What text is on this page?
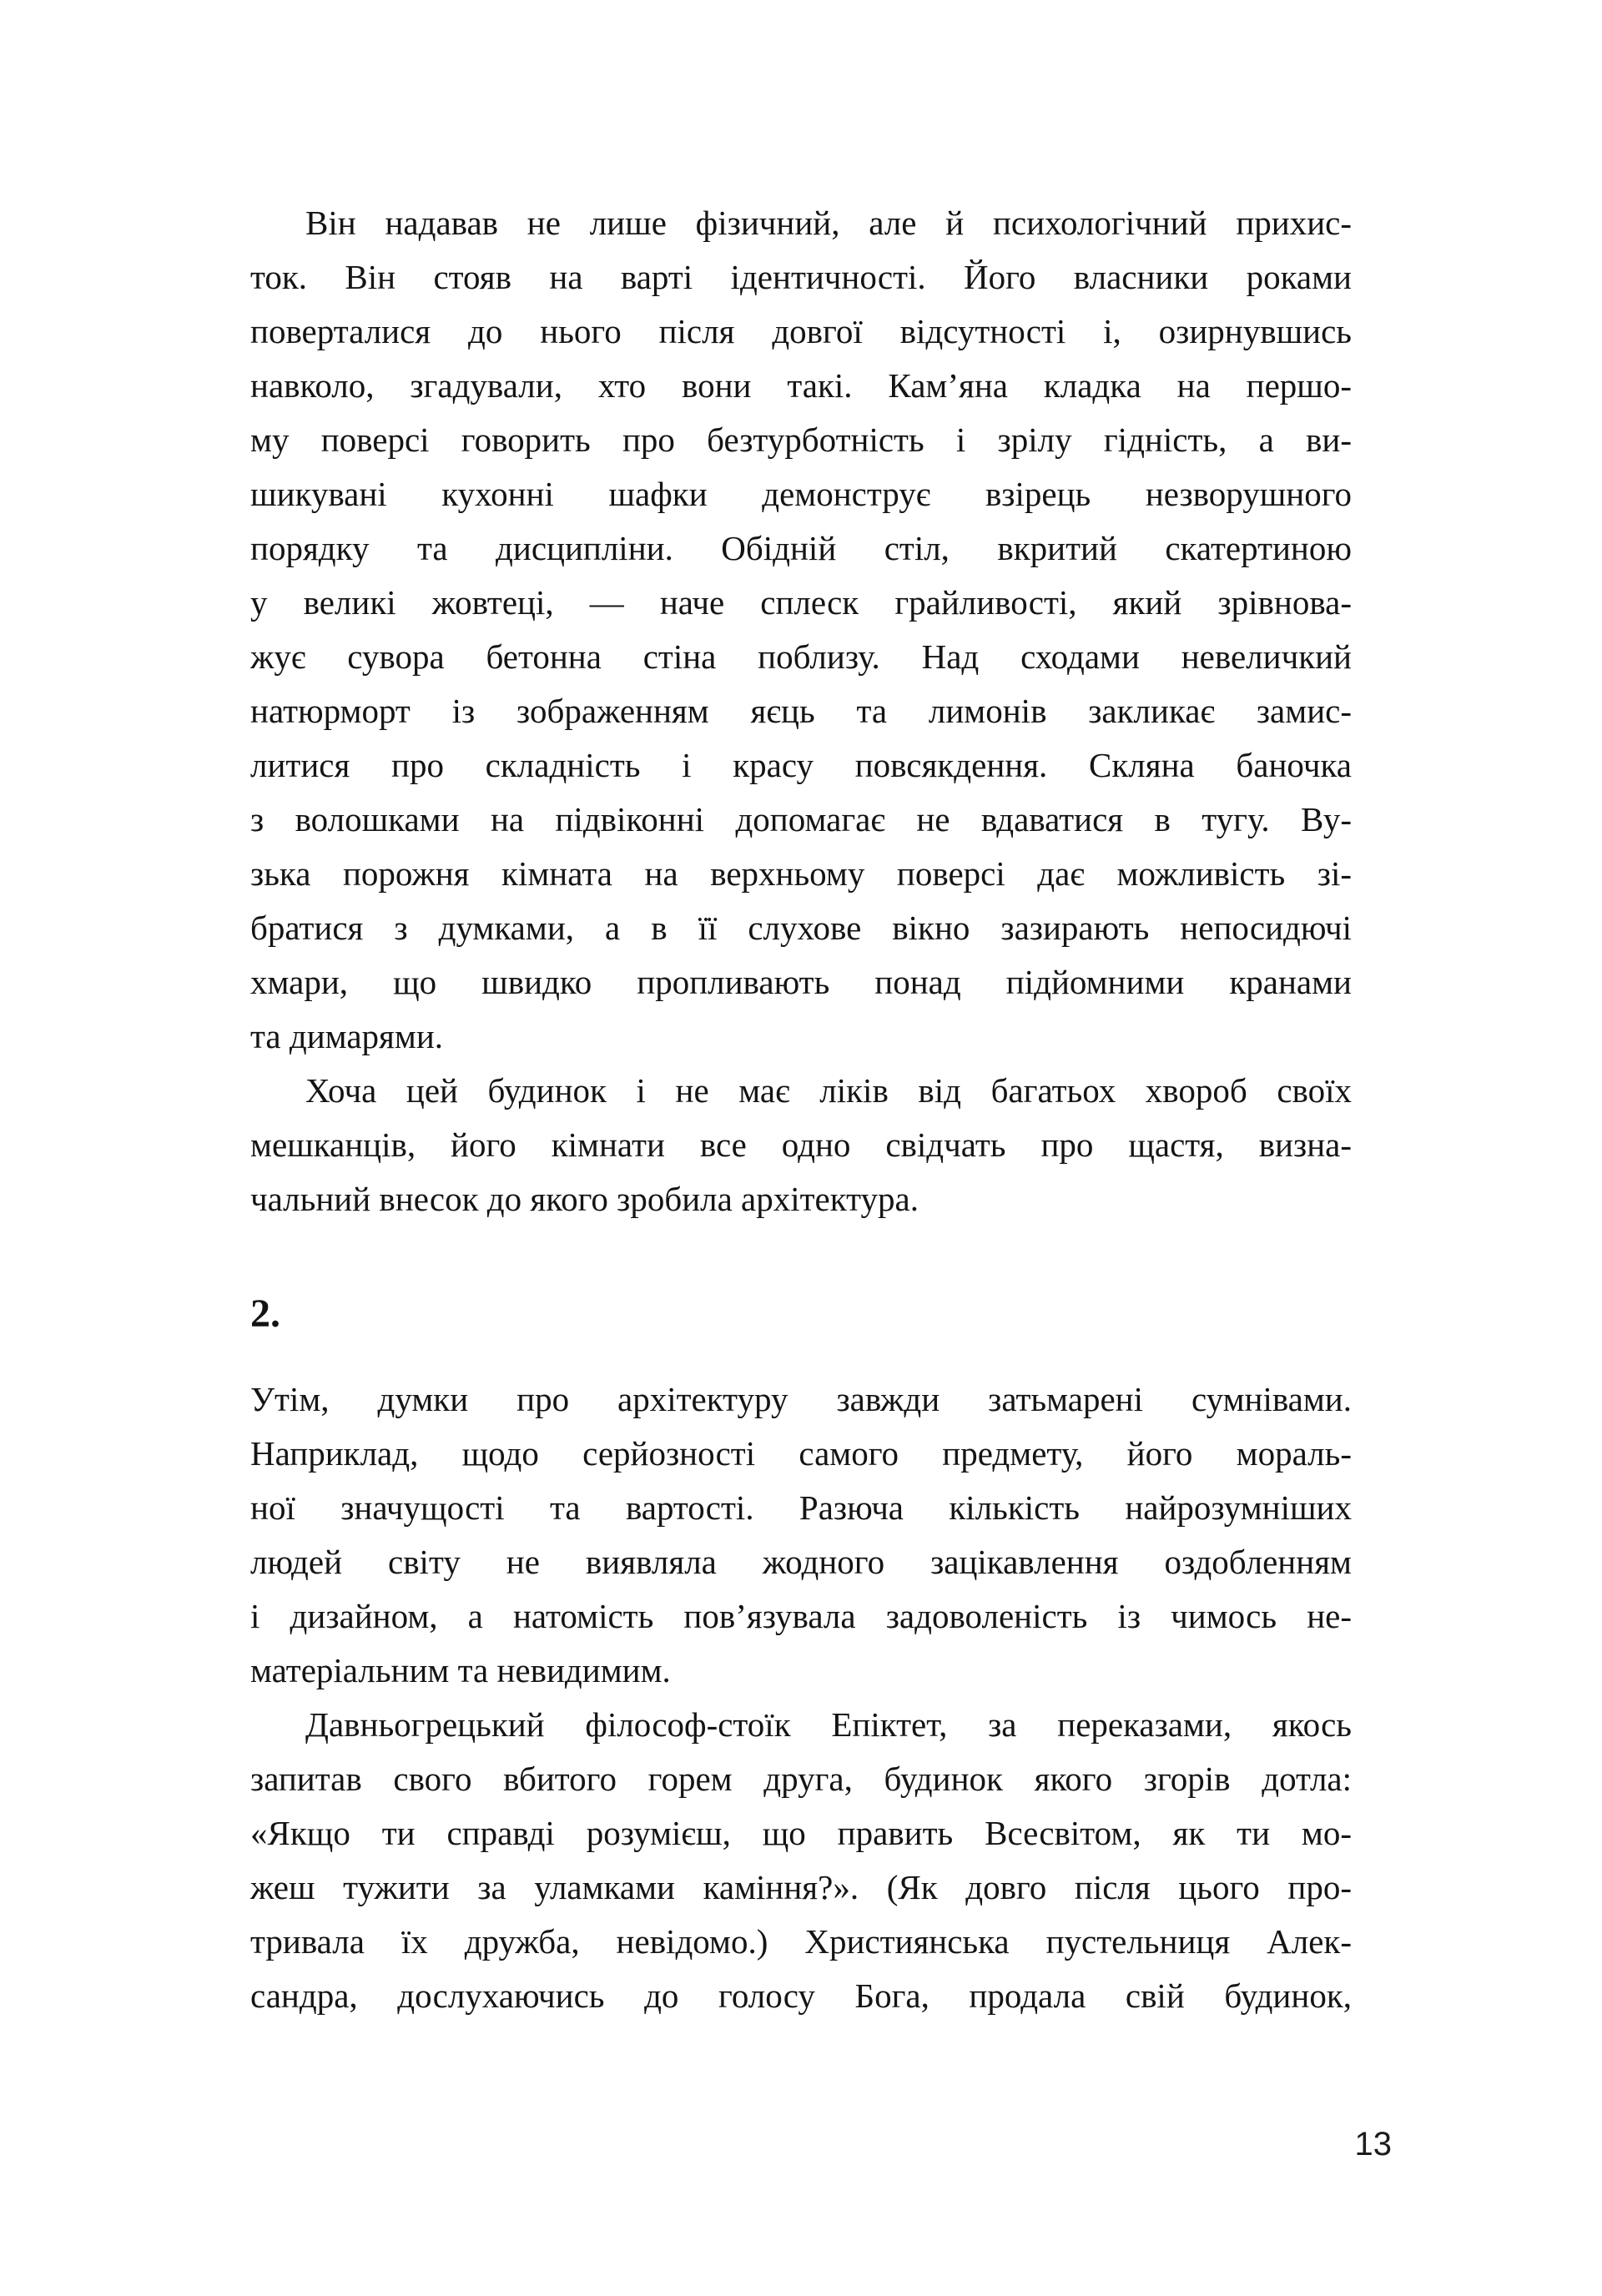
Він надавав не лише фізичний, але й психологічний прихис-
ток. Він стояв на варті ідентичності. Його власники роками
поверталися до нього після довгої відсутності і, озирнувшись
навколо, згадували, хто вони такі. Кам’яна кладка на першо-
му поверсі говорить про безтурботність і зрілу гідність, а ви-
шикувані кухонні шафки демонструє взірець незворушного
порядку та дисципліни. Обідній стіл, вкритий скатертиною
у великі жовтеці, — наче сплеск грайливості, який зрівнова-
жує сувора бетонна стіна поблизу. Над сходами невеличкий
натюрморт із зображенням яєць та лимонів закликає замис-
литися про складність і красу повсякдення. Скляна баночка
з волошками на підвіконні допомагає не вдаватися в тугу. Ву-
зька порожня кімната на верхньому поверсі дає можливість зі-
братися з думками, а в її слухове вікно зазирають непосидючі
хмари, що швидко пропливають понад підйомними кранами
та димарями.
Хоча цей будинок і не має ліків від багатьох хвороб своїх
мешканців, його кімнати все одно свідчать про щастя, визна-
чальний внесок до якого зробила архітектура.
2.
Утім, думки про архітектуру завжди затьмарені сумнівами.
Наприклад, щодо серйозності самого предмету, його мораль-
ної значущості та вартості. Разюча кількість найрозумніших
людей світу не виявляла жодного зацікавлення оздобленням
і дизайном, а натомість пов’язувала задоволеність із чимось не-
матеріальним та невидимим.
Давньогрецький філософ-стоїк Епіктет, за переказами, якось
запитав свого вбитого горем друга, будинок якого згорів дотла:
«Якщо ти справді розумієш, що править Всесвітом, як ти мо-
жеш тужити за уламками каміння?». (Як довго після цього про-
тривала їх дружба, невідомо.) Християнська пустельниця Алек-
сандра, дослухаючись до голосу Бога, продала свій будинок,
13
